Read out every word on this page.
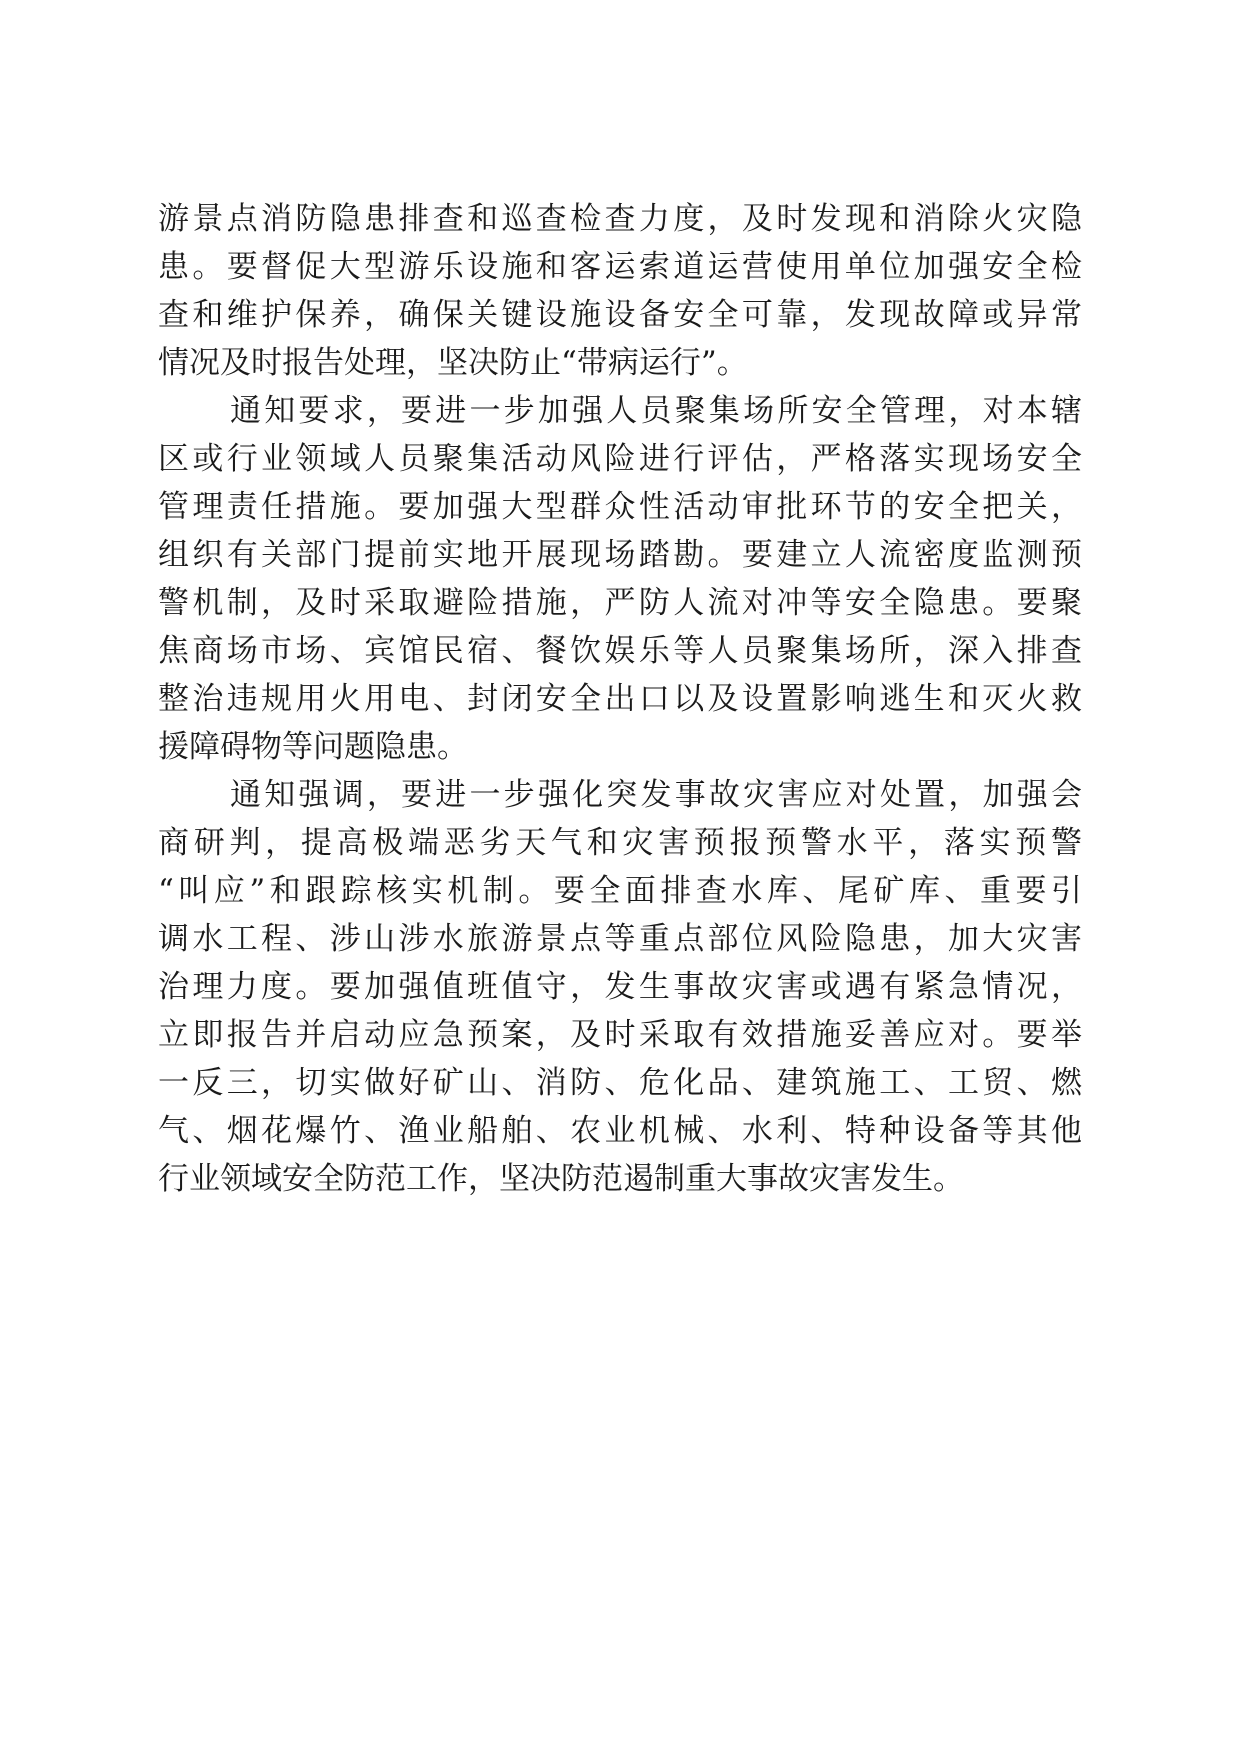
游景点消防隐患排查和巡查检查力度，及时发现和消除火灾隐
患。要督促大型游乐设施和客运索道运营使用单位加强安全检
查和维护保养，确保关键设施设备安全可靠，发现故障或异常
情况及时报告处理，坚决防止“带病运行”。
通知要求，要进一步加强人员聚集场所安全管理，对本辖
区或行业领域人员聚集活动风险进行评估，严格落实现场安全
管理责任措施。要加强大型群众性活动审批环节的安全把关，
组织有关部门提前实地开展现场踏勘。要建立人流密度监测预
警机制，及时采取避险措施，严防人流对冲等安全隐患。要聚
焦商场市场、宾馆民宿、餐饮娱乐等人员聚集场所，深入排查
整治违规用火用电、封闭安全出口以及设置影响逃生和灭火救
援障碍物等问题隐患。
通知强调，要进一步强化突发事故灾害应对处置，加强会
商研判，提高极端恶劣天气和灾害预报预警水平，落实预警
“叫应”和跟踪核实机制。要全面排查水库、尾矿库、重要引
调水工程、涉山涉水旅游景点等重点部位风险隐患，加大灾害
治理力度。要加强值班值守，发生事故灾害或遇有紧急情况，
立即报告并启动应急预案，及时采取有效措施妥善应对。要举
一反三，切实做好矿山、消防、危化品、建筑施工、工贸、燃
气、烟花爆竹、渔业船舶、农业机械、水利、特种设备等其他
行业领域安全防范工作，坚决防范遏制重大事故灾害发生。
